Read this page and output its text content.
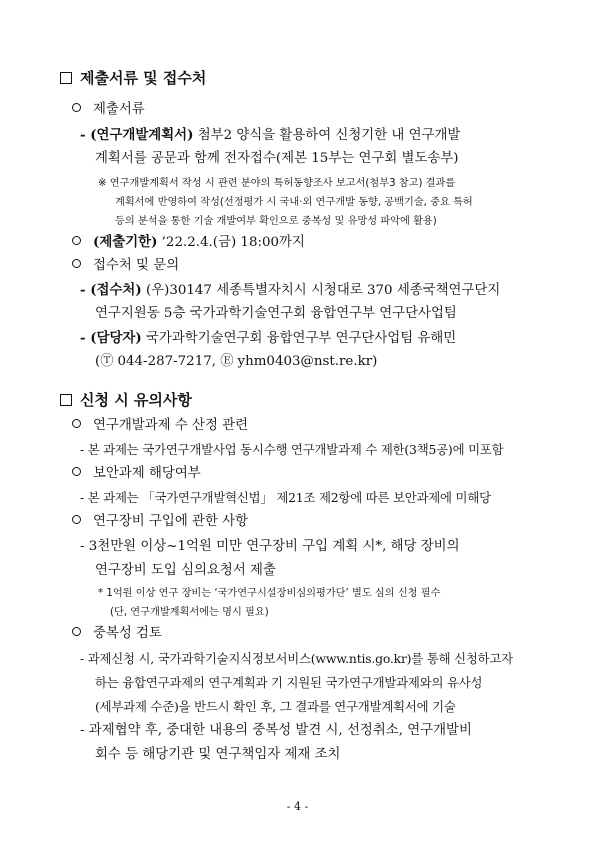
제출서류 및 접수처
제출서류
- (연구개발계획서) 첨부2 양식을 활용하여 신청기한 내 연구개발
계획서를 공문과 함께 전자접수(제본 15부는 연구회 별도송부)
※ 연구개발계획서 작성 시 관련 분야의 특허동향조사 보고서(첨부3 참고) 결과를
계획서에 반영하여 작성(선정평가 시 국내·외 연구개발 동향, 공백기술, 중요 특허
등의 분석을 통한 기술 개발여부 확인으로 중복성 및 유망성 파악에 활용)
(제출기한) ’22.2.4.(금) 18:00까지
접수처 및 문의
- (접수처) (우)30147 세종특별자치시 시청대로 370 세종국책연구단지
연구지원동 5층 국가과학기술연구회 융합연구부 연구단사업팀
- (담당자) 국가과학기술연구회 융합연구부 연구단사업팀 유해민
(Ⓣ 044-287-7217, Ⓔ yhm0403@nst.re.kr)
신청 시 유의사항
연구개발과제 수 산정 관련
- 본 과제는 국가연구개발사업 동시수행 연구개발과제 수 제한(3책5공)에 미포함
보안과제 해당여부
- 본 과제는 「국가연구개발혁신법」 제21조 제2항에 따른 보안과제에 미해당
연구장비 구입에 관한 사항
- 3천만원 이상~1억원 미만 연구장비 구입 계획 시*, 해당 장비의
연구장비 도입 심의요청서 제출
* 1억원 이상 연구 장비는 ‘국가연구시설장비심의평가단’ 별도 심의 신청 필수
(단, 연구개발계획서에는 명시 필요)
중복성 검토
- 과제신청 시, 국가과학기술지식정보서비스(www.ntis.go.kr)를 통해 신청하고자
하는 융합연구과제의 연구계획과 기 지원된 국가연구개발과제와의 유사성
(세부과제 수준)을 반드시 확인 후, 그 결과를 연구개발계획서에 기술
- 과제협약 후, 중대한 내용의 중복성 발견 시, 선정취소, 연구개발비
회수 등 해당기관 및 연구책임자 제재 조치
- 4 -
